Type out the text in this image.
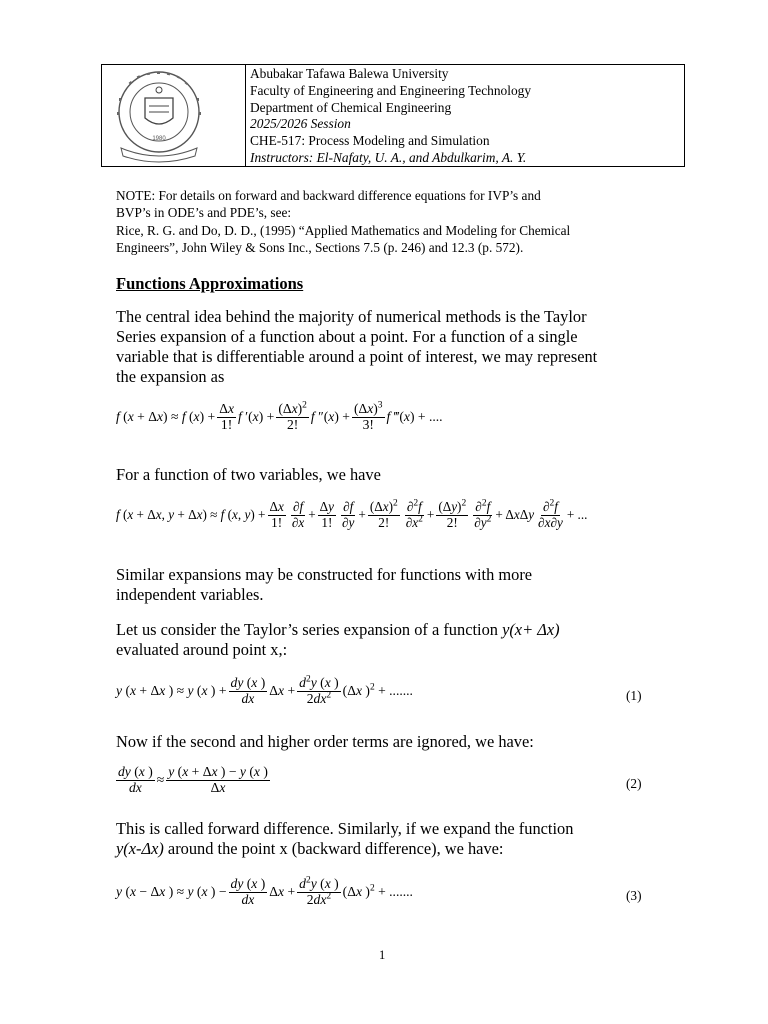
1980
Abubakar Tafawa Balewa University
Faculty of Engineering and Engineering Technology
Department of Chemical Engineering
2025/2026 Session
CHE-517: Process Modeling and Simulation
Instructors: El-Nafaty, U. A., and Abdulkarim, A. Y.
NOTE: For details on forward and backward difference equations for IVP’s and
BVP’s in ODE’s and PDE’s, see:
Rice, R. G. and Do, D. D., (1995) “Applied Mathematics and Modeling for Chemical
Engineers”, John Wiley & Sons Inc., Sections 7.5 (p. 246) and 12.3 (p. 572).
Functions Approximations
The central idea behind the majority of numerical methods is the Taylor
Series expansion of a function about a point. For a function of a single
variable that is differentiable around a point of interest, we may represent
the expansion as
f (x + Δx) ≈ f $(x) + \frac{\Delta x}{1!}$ f $'(x) + \frac{(\Delta x)^2}{2!}$ f $''(x) + \frac{(\Delta x)^3}{3!}$ f ‴(x) + ....
For a function of two variables, we have
f (x + Δx, y + Δx) ≈ f (x, $y) + \frac{\Delta x}{1!} \frac{\partial f}{\partial x} + \frac{\Delta y}{1!} \frac{\partial f}{\partial y} + \frac{(\Delta x)^2}{2!} \frac{\partial^2f}{\partial x^2} + \frac{(\Delta y)^2}{2!} \frac{\partial^2f}{\partial y^2} + \Delta x\Delta y \frac{\partial^2f}{\partial x\partial y}$ + ...
Similar expansions may be constructed for functions with more
independent variables.
Let us consider the Taylor’s series expansion of a function y(x+ Δx)
evaluated around point x,:
y (x + Δx ) ≈ y (x ) + $\frac{dy (x )}{dx}$ $\Delta x + \frac{d^2y (x )}{2dx^2} (\Delta x$ )$^2$ + .......	(1)
Now if the second and higher order terms are ignored, we have:
$\frac{dy (x )}{dx} \approx \frac{y (x + \Delta x ) - y (x )}{\Delta x}$	(2)
This is called forward difference. Similarly, if we expand the function
y(x-Δx) around the point x (backward difference), we have:
y (x − Δx ) ≈ y (x ) − $\frac{dy (x )}{dx}$ $\Delta x + \frac{d^2y (x )}{2dx^2} (\Delta x$ )$^2$ + .......	(3)
1
